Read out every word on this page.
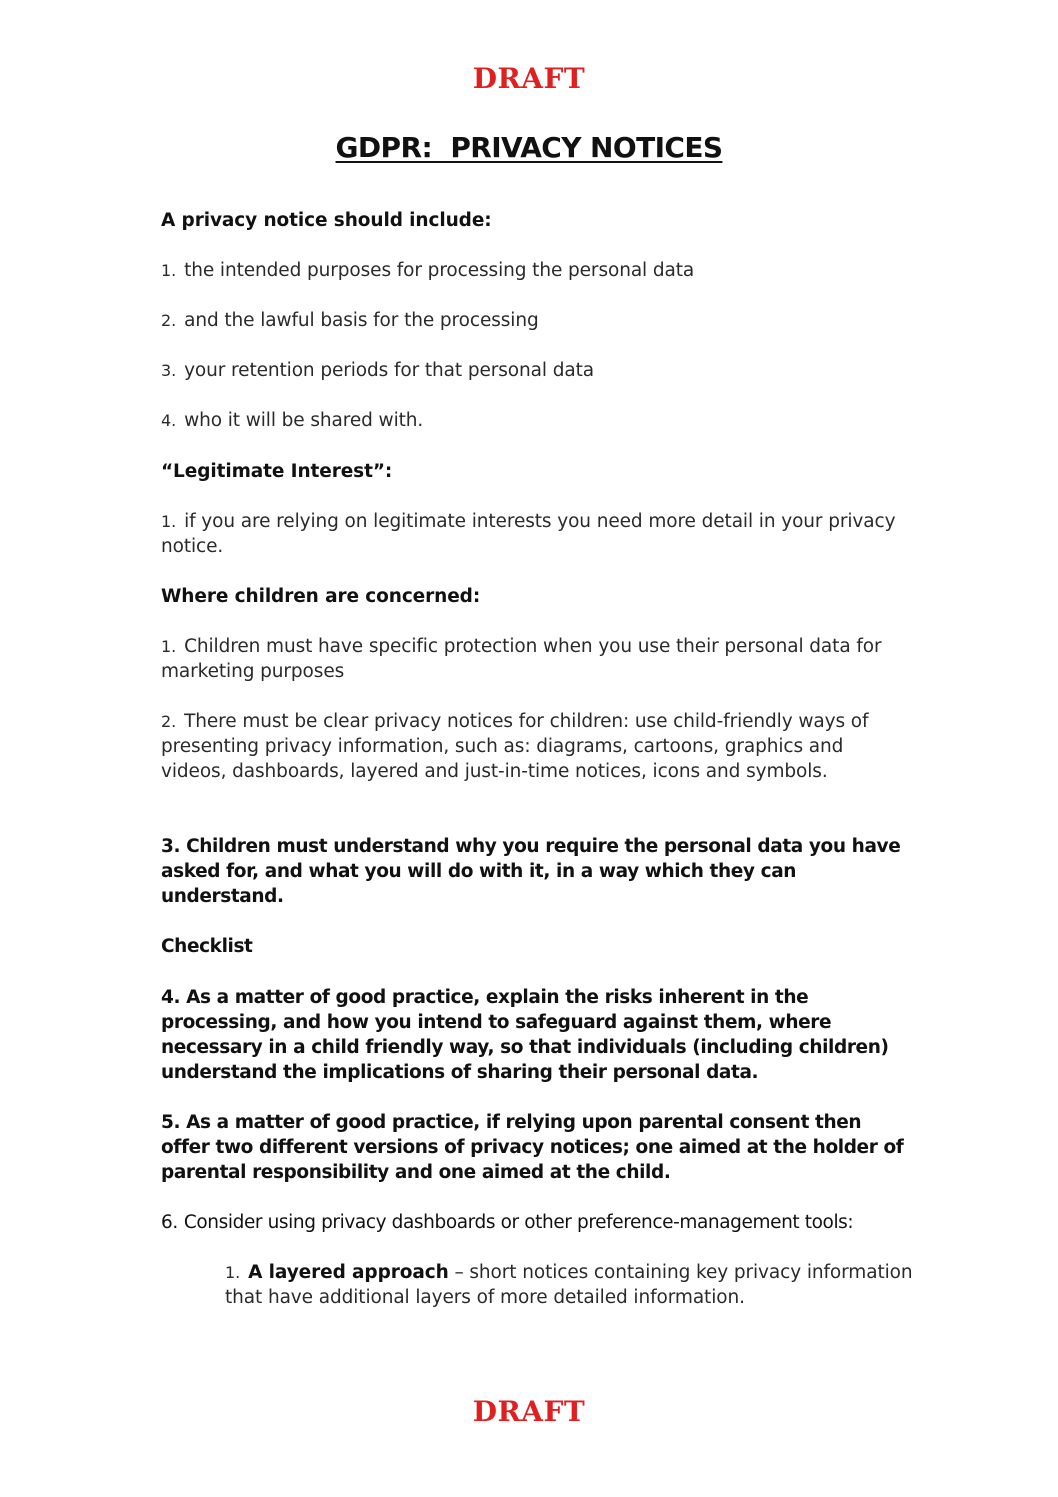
DRAFT
GDPR:  PRIVACY NOTICES

A privacy notice should include:

1. the intended purposes for processing the personal data

2. and the lawful basis for the processing

3. your retention periods for that personal data

4. who it will be shared with.

“Legitimate Interest”:

1. if you are relying on legitimate interests you need more detail in your privacy notice.

Where children are concerned:

1. Children must have specific protection when you use their personal data for marketing purposes

2. There must be clear privacy notices for children: use child-friendly ways of presenting privacy information, such as: diagrams, cartoons, graphics and videos, dashboards, layered and just-in-time notices, icons and symbols.

3. Children must understand why you require the personal data you have asked for, and what you will do with it, in a way which they can understand.

Checklist

4. As a matter of good practice, explain the risks inherent in the processing, and how you intend to safeguard against them, where necessary in a child friendly way, so that individuals (including children) understand the implications of sharing their personal data.

5. As a matter of good practice, if relying upon parental consent then offer two different versions of privacy notices; one aimed at the holder of parental responsibility and one aimed at the child.

6. Consider using privacy dashboards or other preference-management tools:

1. A layered approach – short notices containing key privacy information that have additional layers of more detailed information.

DRAFT
